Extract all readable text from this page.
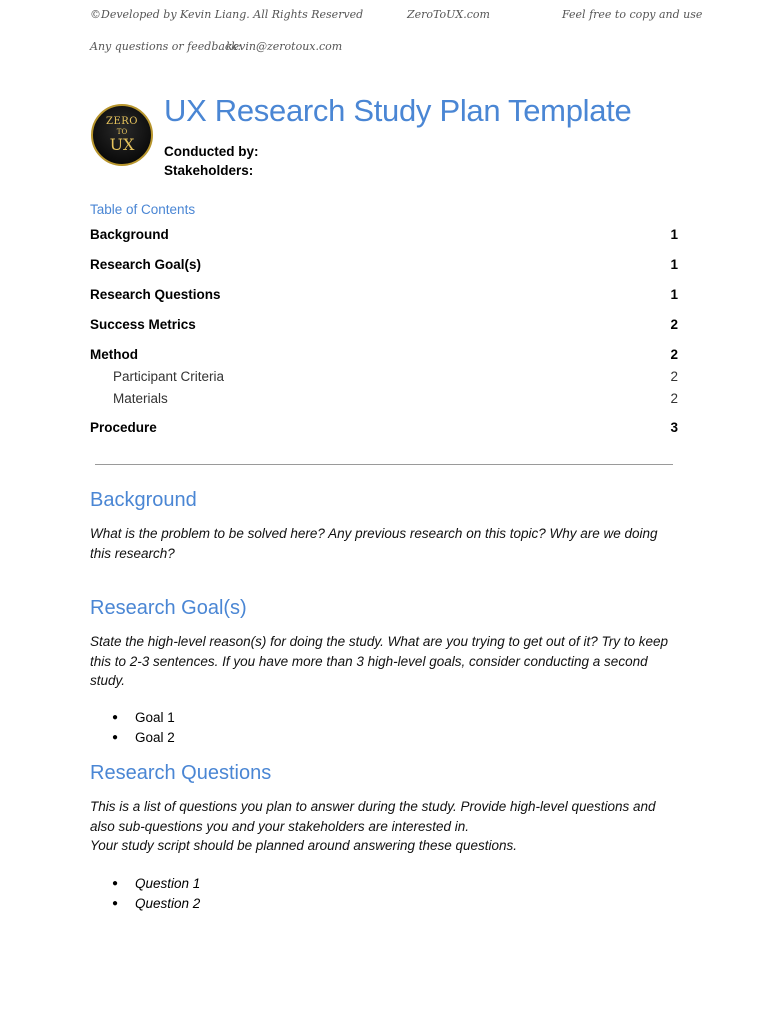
©Developed by Kevin Liang. All Rights Reserved	ZeroToUX.com	Feel free to copy and use
Any questions or feedback:
kevin@zerotoux.com
ZERO
TO
UX
UX Research Study Plan Template
Conducted by:
Stakeholders:
Table of Contents
Background	1
Research Goal(s)	1
Research Questions	1
Success Metrics	2
Method	2
Participant Criteria	2
Materials	2
Procedure	3
Background
What is the problem to be solved here? Any previous research on this topic? Why are we doing this research?
Research Goal(s)
State the high-level reason(s) for doing the study. What are you trying to get out of it? Try to keep this to 2-3 sentences. If you have more than 3 high-level goals, consider conducting a second study.
● Goal 1
● Goal 2
Research Questions
This is a list of questions you plan to answer during the study. Provide high-level questions and also sub-questions you and your stakeholders are interested in.
Your study script should be planned around answering these questions.
● Question 1
● Question 2
